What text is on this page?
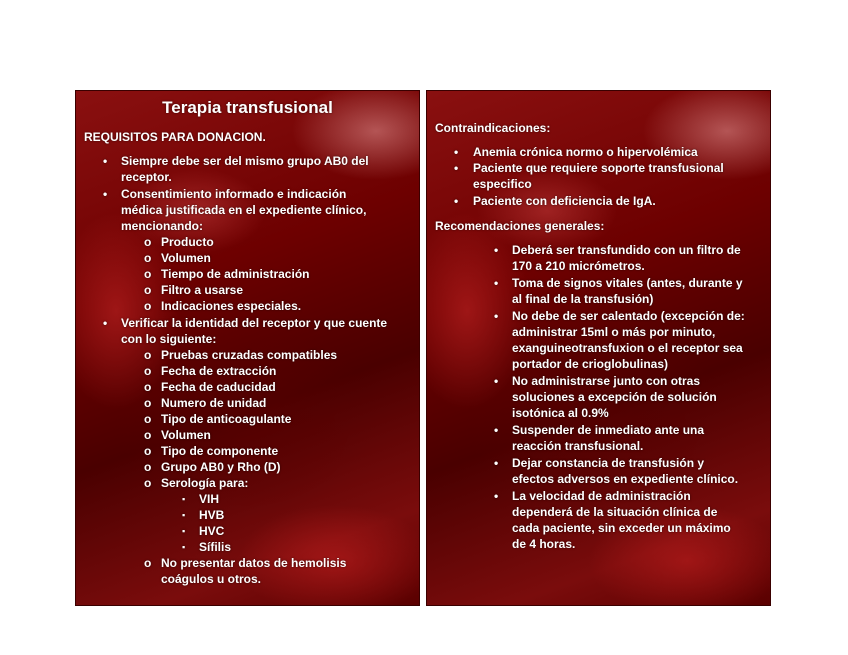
Terapia transfusional
REQUISITOS PARA DONACION.
• Siempre debe ser del mismo grupo AB0 del
receptor.
• Consentimiento informado e indicación
médica justificada en el expediente clínico,
mencionando:
o Producto
o Volumen
o Tiempo de administración
o Filtro a usarse
o Indicaciones especiales.
• Verificar la identidad del receptor y que cuente
con lo siguiente:
o Pruebas cruzadas compatibles
o Fecha de extracción
o Fecha de caducidad
o Numero de unidad
o Tipo de anticoagulante
o Volumen
o Tipo de componente
o Grupo AB0 y Rho (D)
o Serología para:
▪ VIH
▪ HVB
▪ HVC
▪ Sífilis
o No presentar datos de hemolisis
coágulos u otros.
Contraindicaciones:
• Anemia crónica normo o hipervolémica
• Paciente que requiere soporte transfusional
especifico
• Paciente con deficiencia de IgA.
Recomendaciones generales:
• Deberá ser transfundido con un filtro de
170 a 210 micrómetros.
• Toma de signos vitales (antes, durante y
al final de la transfusión)
• No debe de ser calentado (excepción de:
administrar 15ml o más por minuto,
exanguineotransfuxion o el receptor sea
portador de crioglobulinas)
• No administrarse junto con otras
soluciones a excepción de solución
isotónica al 0.9%
• Suspender de inmediato ante una
reacción transfusional.
• Dejar constancia de transfusión y
efectos adversos en expediente clínico.
• La velocidad de administración
dependerá de la situación clínica de
cada paciente, sin exceder un máximo
de 4 horas.
